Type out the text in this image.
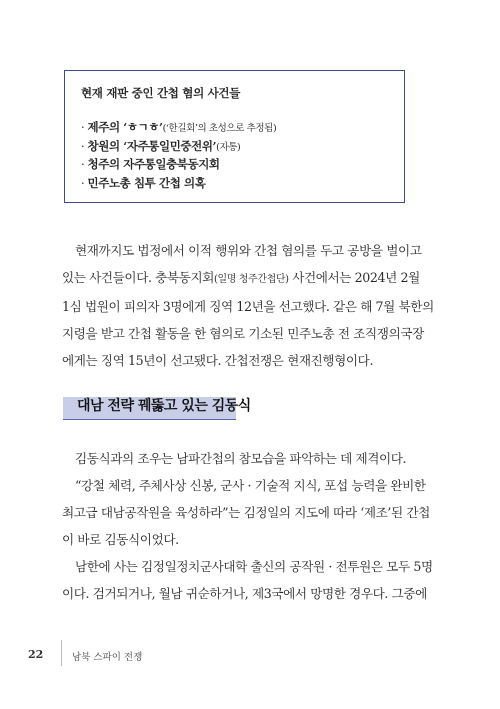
현재 재판 중인 간첩 혐의 사건들
· 제주의 ‘ㅎㄱㅎ’(‘한길회’의 초성으로 추정됨)
· 창원의 ‘자주통일민중전위’(자통)
· 청주의 자주통일충북동지회
· 민주노총 침투 간첩 의혹
현재까지도 법정에서 이적 행위와 간첩 혐의를 두고 공방을 벌이고
있는 사건들이다. 충북동지회(일명 청주간첩단) 사건에서는 2024년 2월
1심 법원이 피의자 3명에게 징역 12년을 선고했다. 같은 해 7월 북한의
지령을 받고 간첩 활동을 한 혐의로 기소된 민주노총 전 조직쟁의국장
에게는 징역 15년이 선고됐다. 간첩전쟁은 현재진행형이다.
대남 전략 꿰뚫고 있는 김동식
김동식과의 조우는 남파간첩의 참모습을 파악하는 데 제격이다.
“강철 체력, 주체사상 신봉, 군사 · 기술적 지식, 포섭 능력을 완비한
최고급 대남공작원을 육성하라”는 김정일의 지도에 따라 ‘제조’된 간첩
이 바로 김동식이었다.
남한에 사는 김정일정치군사대학 출신의 공작원 · 전투원은 모두 5명
이다. 검거되거나, 월남 귀순하거나, 제3국에서 망명한 경우다. 그중에
22	남북 스파이 전쟁
